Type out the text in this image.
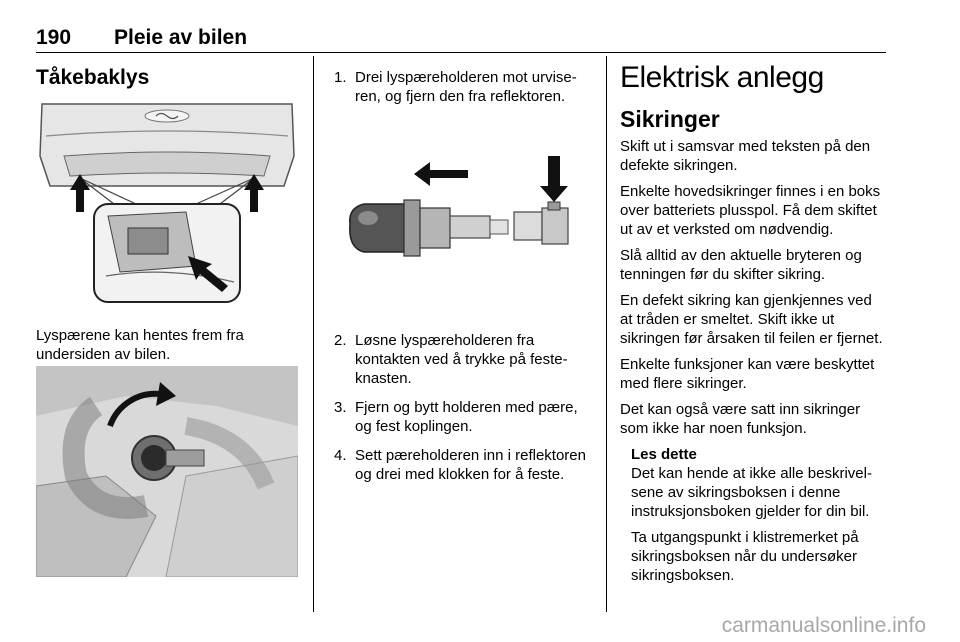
190 Pleie av bilen
Tåkebaklys
Lyspærene kan hentes frem fra undersiden av bilen.
1. Drei lyspæreholderen mot urviseren, og fjern den fra reflektoren.
2. Løsne lyspæreholderen fra kontakten ved å trykke på festeknasten.
3. Fjern og bytt holderen med pære, og fest koplingen.
4. Sett pæreholderen inn i reflektoren og drei med klokken for å feste.
Elektrisk anlegg
Sikringer

Skift ut i samsvar med teksten på den defekte sikringen.

Enkelte hovedsikringer finnes i en boks over batteriets plusspol. Få dem skiftet ut av et verksted om nødvendig.

Slå alltid av den aktuelle bryteren og tenningen før du skifter sikring.

En defekt sikring kan gjenkjennes ved at tråden er smeltet. Skift ikke ut sikringen før årsaken til feilen er fjernet.

Enkelte funksjoner kan være beskyttet med flere sikringer.

Det kan også være satt inn sikringer som ikke har noen funksjon.

Les dette

Det kan hende at ikke alle beskrivelsene av sikringsboksen i denne instruksjonsboken gjelder for din bil.

Ta utgangspunkt i klistremerket på sikringsboksen når du undersøker sikringsboksen.

carmanualsonline.info
